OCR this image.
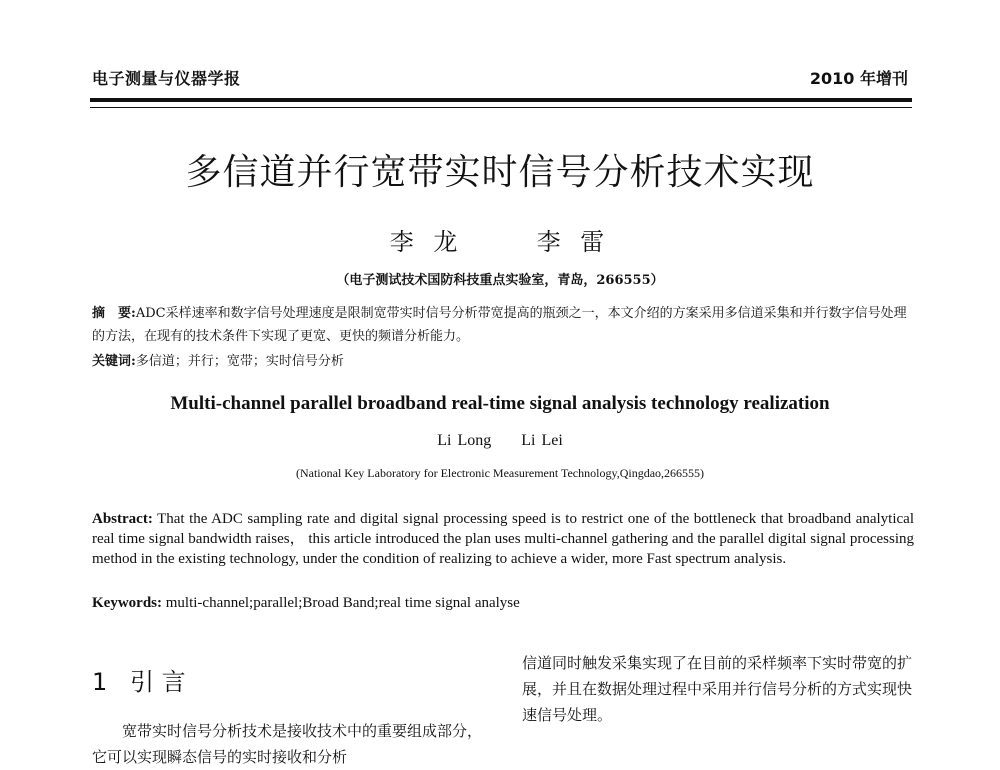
电子测量与仪器学报	2010 年增刊
多信道并行宽带实时信号分析技术实现
李 龙	李 雷
（电子测试技术国防科技重点实验室，青岛，266555）
摘　要:ADC采样速率和数字信号处理速度是限制宽带实时信号分析带宽提高的瓶颈之一，本文介绍的方案采用多信道采集和并行数字信号处理的方法，在现有的技术条件下实现了更宽、更快的频谱分析能力。
关键词:多信道；并行；宽带；实时信号分析
Multi-channel parallel broadband real-time signal analysis technology realization
Li Long Li Lei
(National Key Laboratory for Electronic Measurement Technology,Qingdao,266555)
Abstract: That the ADC sampling rate and digital signal processing speed is to restrict one of the bottleneck that broadband analytical real time signal bandwidth raises， this article introduced the plan uses multi-channel gathering and the parallel digital signal processing method in the existing technology, under the condition of realizing to achieve a wider, more Fast spectrum analysis.
Keywords: multi-channel;parallel;Broad Band;real time signal analyse
1 引 言
宽带实时信号分析技术是接收技术中的重要组成部分，它可以实现瞬态信号的实时接收和分析
信道同时触发采集实现了在目前的采样频率下实时带宽的扩展，并且在数据处理过程中采用并行信号分析的方式实现快速信号处理。
